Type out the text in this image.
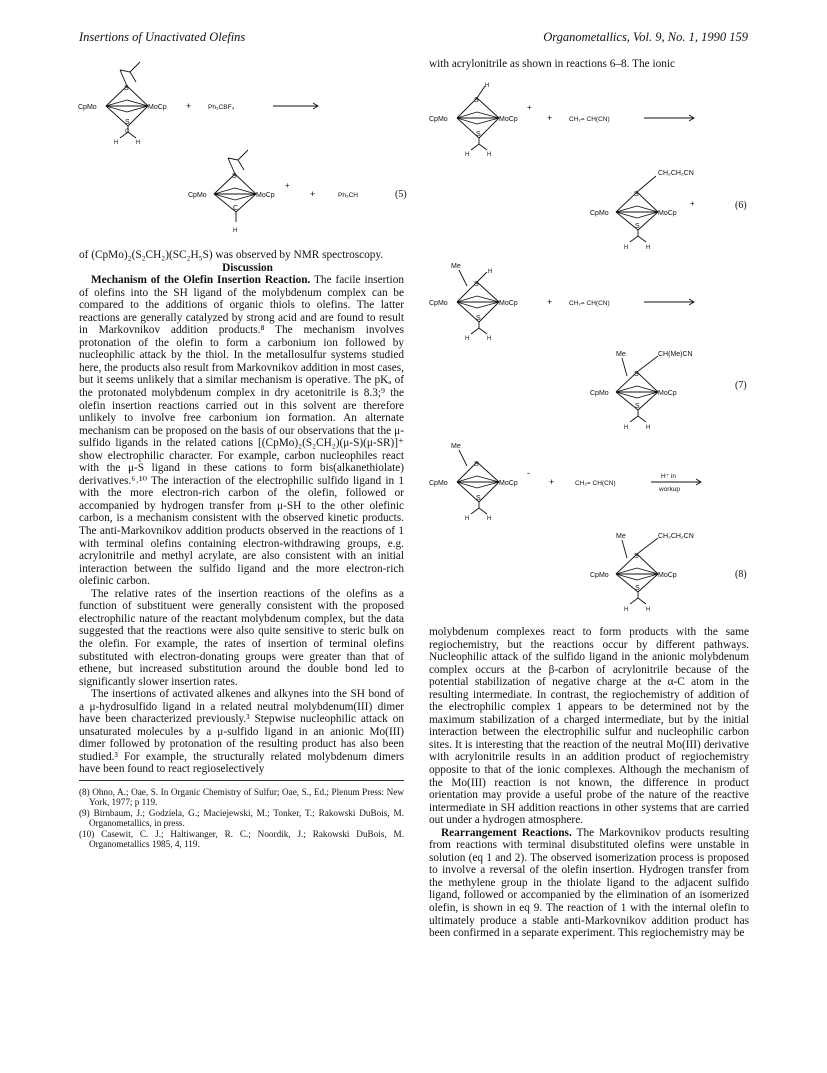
Insertions of Unactivated Olefins	Organometallics, Vol. 9, No. 1, 1990 159
CpMo	MoCp
S
S
C
H	H
+	Ph₃CBF₄
CpMo	MoCp
+
S
C
H
+	Ph₃CH	(5)

of (CpMo)₂(S₂CH₂)(SC₂H₅S) was observed by NMR spectroscopy.

Discussion

Mechanism of the Olefin Insertion Reaction. The facile insertion of olefins into the SH ligand of the molybdenum complex can be compared to the additions of organic thiols to olefins. The latter reactions are generally catalyzed by strong acid and are found to result in Markovnikov addition products.⁸ The mechanism involves protonation of the olefin to form a carbonium ion followed by nucleophilic attack by the thiol. In the metallosulfur systems studied here, the products also result from Markovnikov addition in most cases, but it seems unlikely that a similar mechanism is operative. The pKₐ of the protonated molybdenum complex in dry acetonitrile is 8.3;⁹ the olefin insertion reactions carried out in this solvent are therefore unlikely to involve free carbonium ion formation. An alternate mechanism can be proposed on the basis of our observations that the μ-sulfido ligands in the related cations [(CpMo)₂(S₂CH₂)(μ-S)(μ-SR)]⁺ show electrophilic character. For example, carbon nucleophiles react with the μ-S ligand in these cations to form bis(alkanethiolate) derivatives.⁶˒¹⁰ The interaction of the electrophilic sulfido ligand in 1 with the more electron-rich carbon of the olefin, followed or accompanied by hydrogen transfer from μ-SH to the other olefinic carbon, is a mechanism consistent with the observed kinetic products. The anti-Markovnikov addition products observed in the reactions of 1 with terminal olefins containing electron-withdrawing groups, e.g. acrylonitrile and methyl acrylate, are also consistent with an initial interaction between the sulfido ligand and the more electron-rich olefinic carbon.

The relative rates of the insertion reactions of the olefins as a function of substituent were generally consistent with the proposed electrophilic nature of the reactant molybdenum complex, but the data suggested that the reactions were also quite sensitive to steric bulk on the olefin. For example, the rates of insertion of terminal olefins substituted with electron-donating groups were greater than that of ethene, but increased substitution around the double bond led to significantly slower insertion rates.

The insertions of activated alkenes and alkynes into the SH bond of a μ-hydrosulfido ligand in a related neutral molybdenum(III) dimer have been characterized previously.³ Stepwise nucleophilic attack on unsaturated molecules by a μ-sulfido ligand in an anionic Mo(III) dimer followed by protonation of the resulting product has also been studied.³ For example, the structurally related molybdenum dimers have been found to react regioselectively

(8) Ohno, A.; Oae, S. In Organic Chemistry of Sulfur; Oae, S., Ed.; Plenum Press: New York, 1977; p 119.

(9) Birnbaum, J.; Godziela, G.; Maciejewski, M.; Tonker, T.; Rakowski DuBois, M. Organometallics, in press.

(10) Casewit, C. J.; Haltiwanger, R. C.; Noordik, J.; Rakowski DuBois, M. Organometallics 1985, 4, 119.

with acrylonitrile as shown in reactions 6–8. The ionic
CpMo	MoCp
+
H
S
S
H	H
+	CH₂= CH(CN)
CH₂CH₂CN
CpMo	MoCp
+
S
S
H	H
(6)
Me
H
CpMo	MoCp
S
S
H	H
+	CH₂= CH(CN)
Me	CH(Me)CN
CpMo	MoCp
S
S
H	H
(7)
Me
CpMo	MoCp
-
S
S
H	H
+	CH₂= CH(CN)
H⁺ in
workup
Me	CH₂CH₂CN
CpMo	MoCp
S
S
H	H
(8)

molybdenum complexes react to form products with the same regiochemistry, but the reactions occur by different pathways. Nucleophilic attack of the sulfido ligand in the anionic molybdenum complex occurs at the β-carbon of acrylonitrile because of the potential stabilization of negative charge at the α-C atom in the resulting intermediate. In contrast, the regiochemistry of addition of the electrophilic complex 1 appears to be determined not by the maximum stabilization of a charged intermediate, but by the initial interaction between the electrophilic sulfur and nucleophilic carbon sites. It is interesting that the reaction of the neutral Mo(III) derivative with acrylonitrile results in an addition product of regiochemistry opposite to that of the ionic complexes. Although the mechanism of the Mo(III) reaction is not known, the difference in product orientation may provide a useful probe of the nature of the reactive intermediate in SH addition reactions in other systems that are carried out under a hydrogen atmosphere.

Rearrangement Reactions. The Markovnikov products resulting from reactions with terminal disubstituted olefins were unstable in solution (eq 1 and 2). The observed isomerization process is proposed to involve a reversal of the olefin insertion. Hydrogen transfer from the methylene group in the thiolate ligand to the adjacent sulfido ligand, followed or accompanied by the elimination of an isomerized olefin, is shown in eq 9. The reaction of 1 with the internal olefin to ultimately produce a stable anti-Markovnikov addition product has been confirmed in a separate experiment. This regiochemistry may be
